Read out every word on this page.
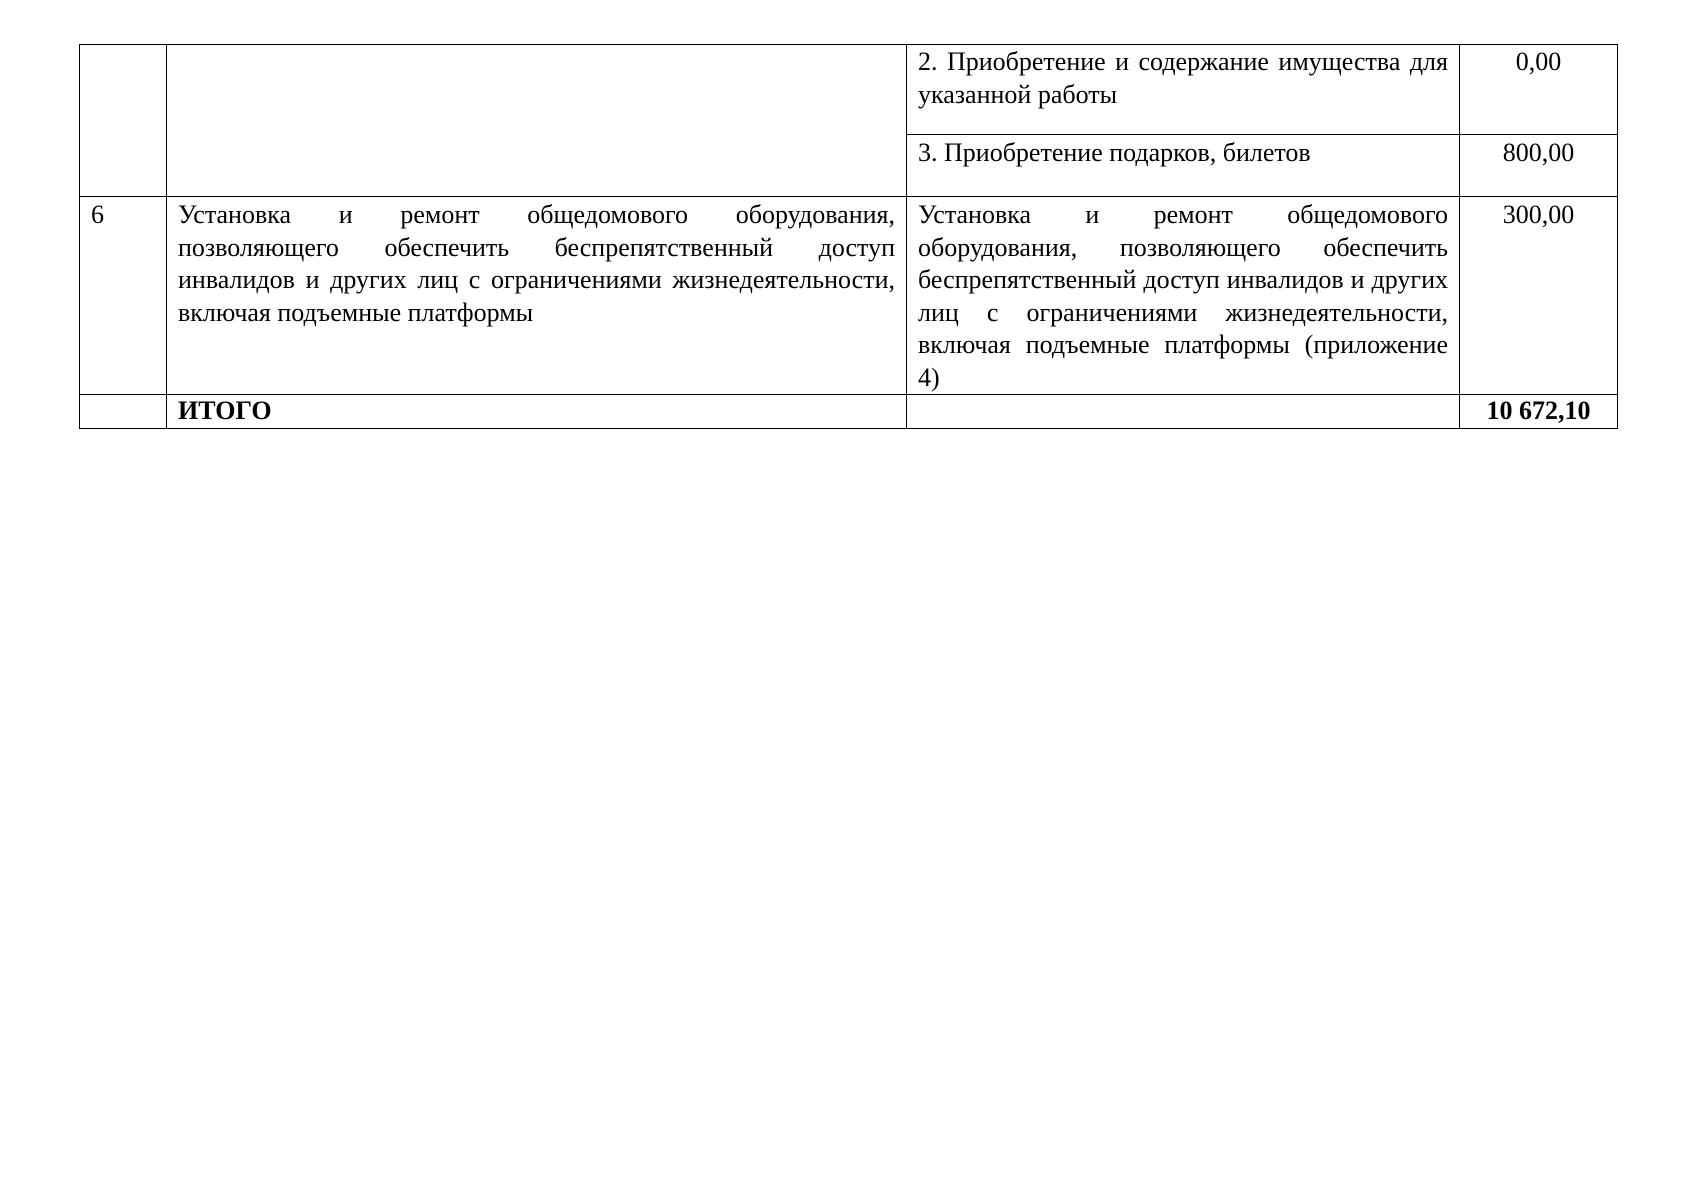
		2. Приобретение и содержание имущества для указанной работы	0,00
		3. Приобретение подарков, билетов	800,00
6	Установка и ремонт общедомового оборудования, позволяющего обеспечить беспрепятственный доступ инвалидов и других лиц с ограничениями жизнедеятельности, включая подъемные платформы	Установка и ремонт общедомового оборудования, позволяющего обеспечить беспрепятственный доступ инвалидов и других лиц с ограничениями жизнедеятельности, включая подъемные платформы (приложение 4)	300,00
	ИТОГО		10 672,10
